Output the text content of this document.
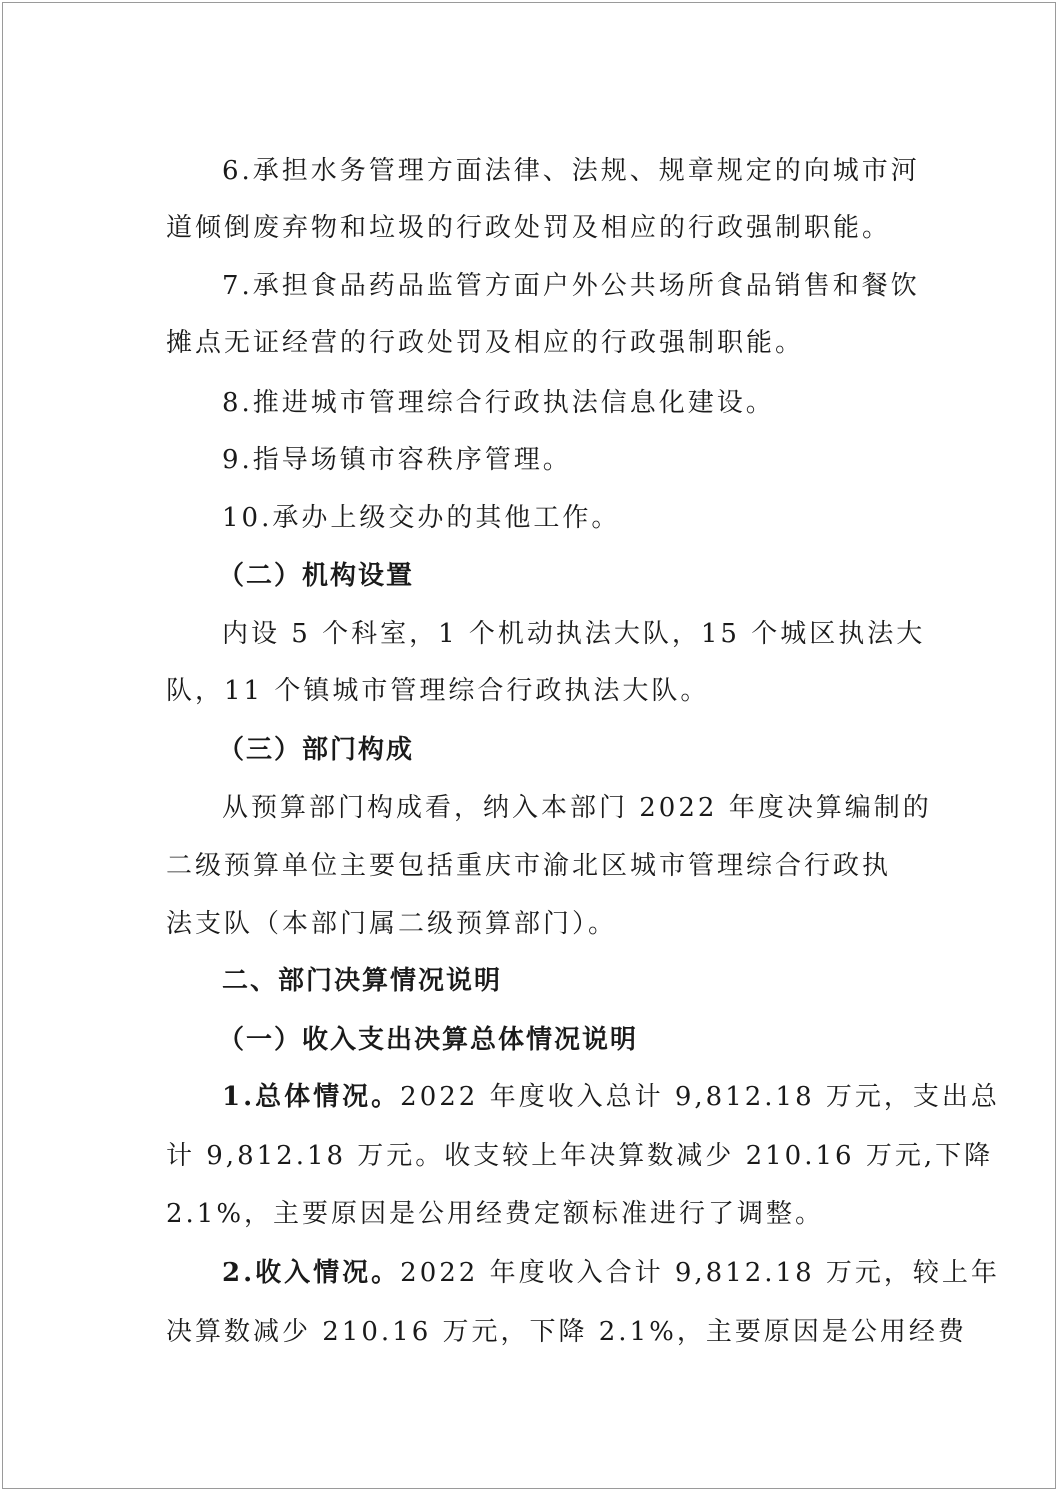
6.承担水务管理方面法律、法规、规章规定的向城市河
道倾倒废弃物和垃圾的行政处罚及相应的行政强制职能。
7.承担食品药品监管方面户外公共场所食品销售和餐饮
摊点无证经营的行政处罚及相应的行政强制职能。
8.推进城市管理综合行政执法信息化建设。
9.指导场镇市容秩序管理。
10.承办上级交办的其他工作。
（二）机构设置
内设 5 个科室，1 个机动执法大队，15 个城区执法大
队，11 个镇城市管理综合行政执法大队。
（三）部门构成
从预算部门构成看，纳入本部门 2022 年度决算编制的
二级预算单位主要包括重庆市渝北区城市管理综合行政执
法支队（本部门属二级预算部门）。
二、部门决算情况说明
（一）收入支出决算总体情况说明
1.总体情况。2022 年度收入总计 9,812.18 万元，支出总
计 9,812.18 万元。收支较上年决算数减少 210.16 万元,下降
2.1%，主要原因是公用经费定额标准进行了调整。
2.收入情况。2022 年度收入合计 9,812.18 万元，较上年
决算数减少 210.16 万元，下降 2.1%，主要原因是公用经费
